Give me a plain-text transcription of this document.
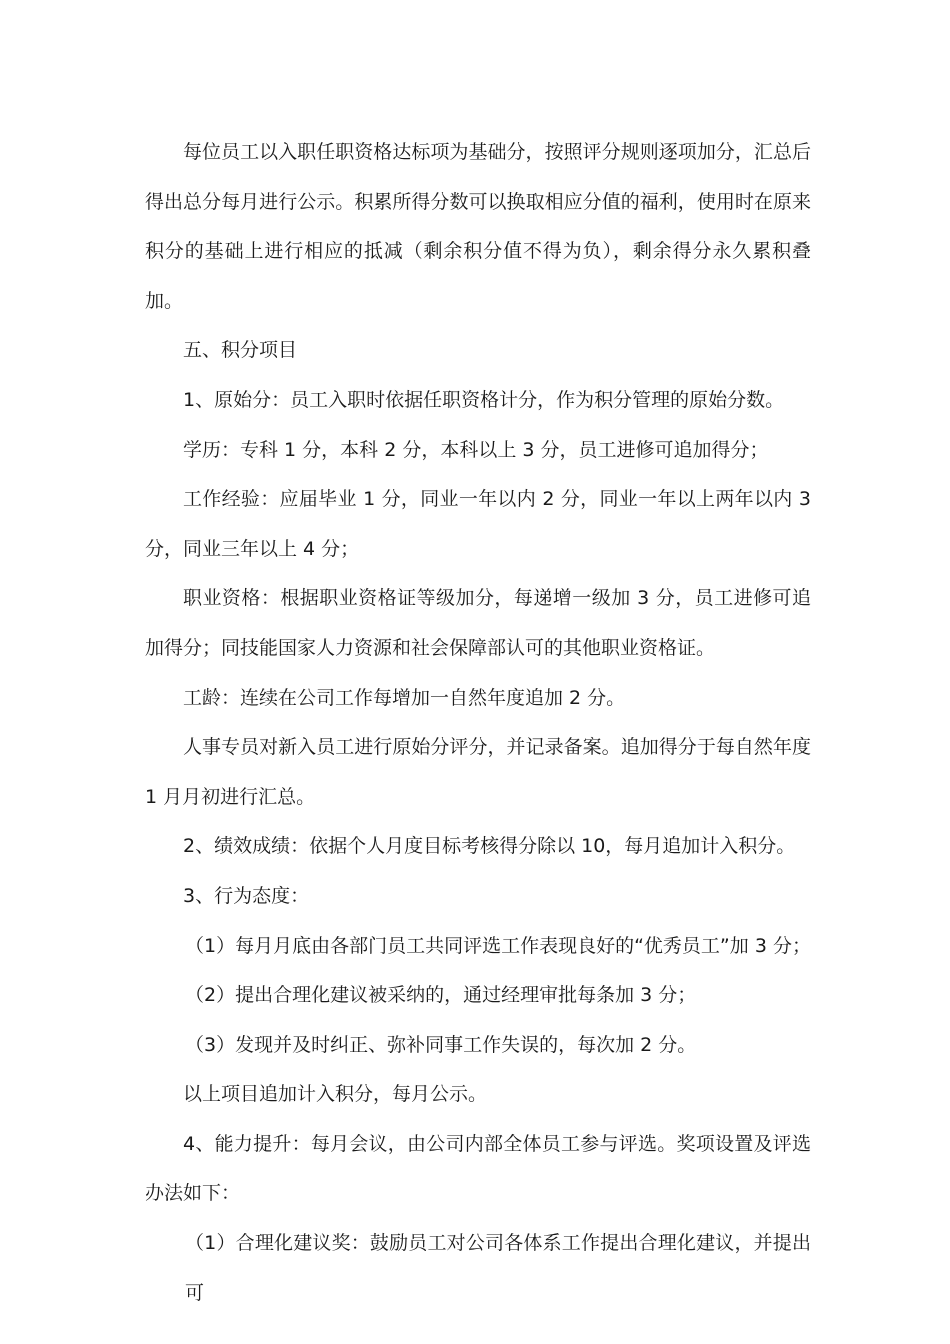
每位员工以入职任职资格达标项为基础分，按照评分规则逐项加分，汇总后得出总分每月进行公示。积累所得分数可以换取相应分值的福利，使用时在原来积分的基础上进行相应的抵减（剩余积分值不得为负），剩余得分永久累积叠加。

五、积分项目

1、原始分：员工入职时依据任职资格计分，作为积分管理的原始分数。

学历：专科 1 分，本科 2 分，本科以上 3 分，员工进修可追加得分；

工作经验：应届毕业 1 分，同业一年以内 2 分，同业一年以上两年以内 3 分，同业三年以上 4 分；

职业资格：根据职业资格证等级加分，每递增一级加 3 分，员工进修可追加得分；同技能国家人力资源和社会保障部认可的其他职业资格证。

工龄：连续在公司工作每增加一自然年度追加 2 分。

人事专员对新入员工进行原始分评分，并记录备案。追加得分于每自然年度 1 月月初进行汇总。

2、绩效成绩：依据个人月度目标考核得分除以 10，每月追加计入积分。

3、行为态度：

（1）每月月底由各部门员工共同评选工作表现良好的“优秀员工”加 3 分；

（2）提出合理化建议被采纳的，通过经理审批每条加 3 分；

（3）发现并及时纠正、弥补同事工作失误的，每次加 2 分。

以上项目追加计入积分，每月公示。

4、能力提升：每月会议，由公司内部全体员工参与评选。奖项设置及评选办法如下：

（1）合理化建议奖：鼓励员工对公司各体系工作提出合理化建议，并提出可
